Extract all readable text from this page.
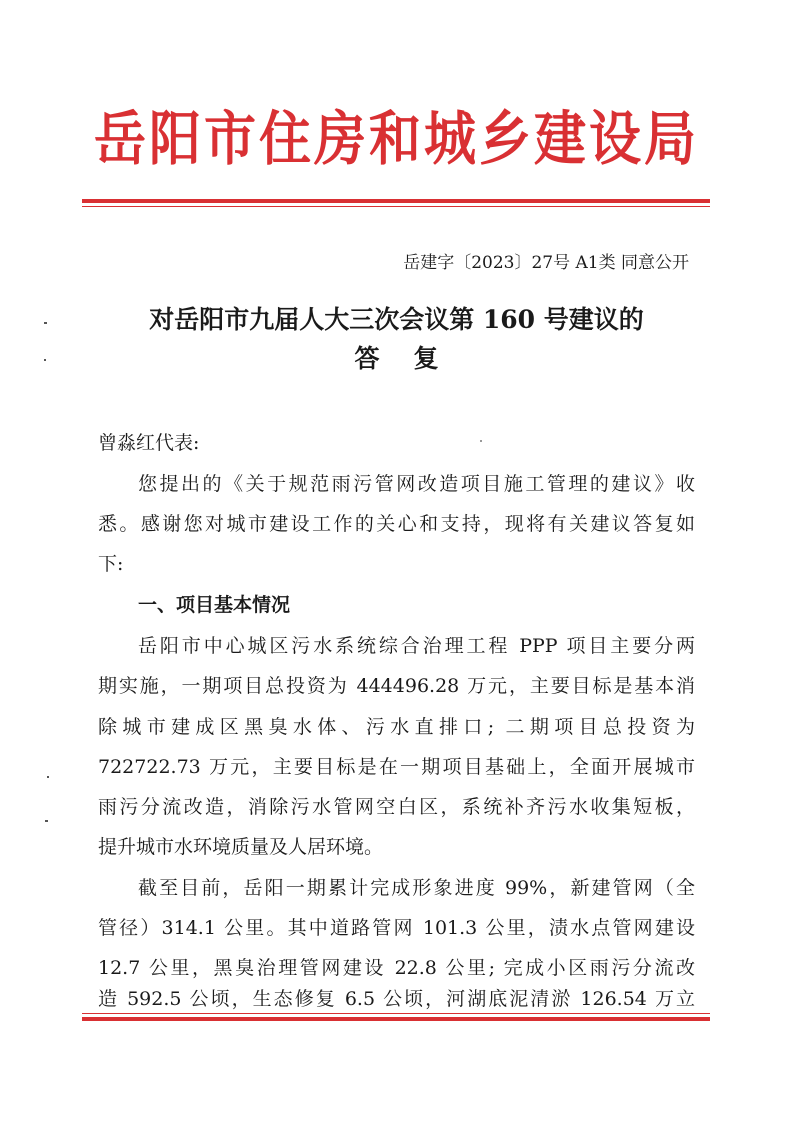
岳阳市住房和城乡建设局
岳建字〔2023〕27号 A1类 同意公开
对岳阳市九届人大三次会议第 160 号建议的
答复
曾淼红代表:
您提出的《关于规范雨污管网改造项目施工管理的建议》收
悉。感谢您对城市建设工作的关心和支持，现将有关建议答复如
下:
一、项目基本情况
岳阳市中心城区污水系统综合治理工程 PPP 项目主要分两
期实施，一期项目总投资为 444496.28 万元，主要目标是基本消
除城市建成区黑臭水体、污水直排口; 二期项目总投资为
722722.73 万元，主要目标是在一期项目基础上，全面开展城市
雨污分流改造，消除污水管网空白区，系统补齐污水收集短板，
提升城市水环境质量及人居环境。
截至目前，岳阳一期累计完成形象进度 99%，新建管网（全
管径）314.1 公里。其中道路管网 101.3 公里，渍水点管网建设
12.7 公里，黑臭治理管网建设 22.8 公里; 完成小区雨污分流改
造 592.5 公顷，生态修复 6.5 公顷，河湖底泥清淤 126.54 万立
